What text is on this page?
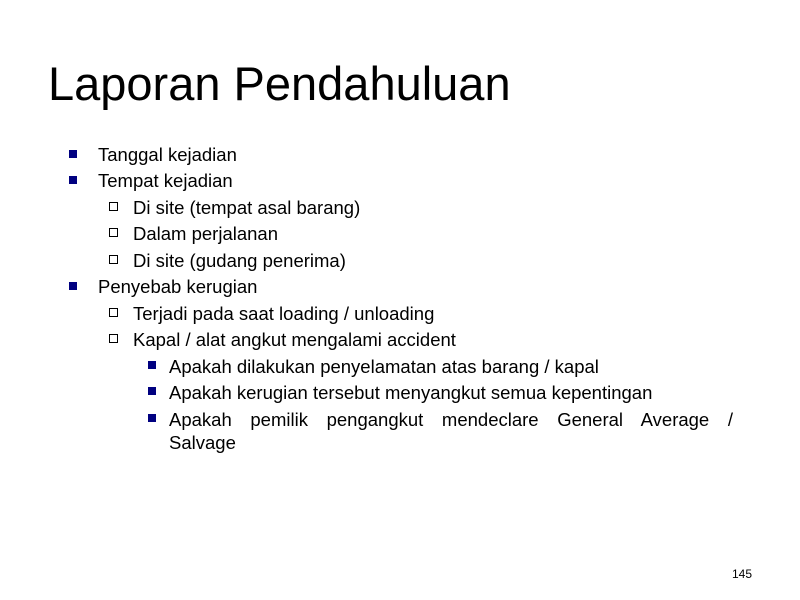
Laporan Pendahuluan
Tanggal kejadian
Tempat kejadian
Di site (tempat asal barang)
Dalam perjalanan
Di site (gudang penerima)
Penyebab kerugian
Terjadi pada saat loading / unloading
Kapal / alat angkut mengalami accident
Apakah dilakukan penyelamatan atas barang / kapal
Apakah kerugian tersebut menyangkut semua kepentingan
Apakah pemilik pengangkut mendeclare General Average /
Salvage
145
